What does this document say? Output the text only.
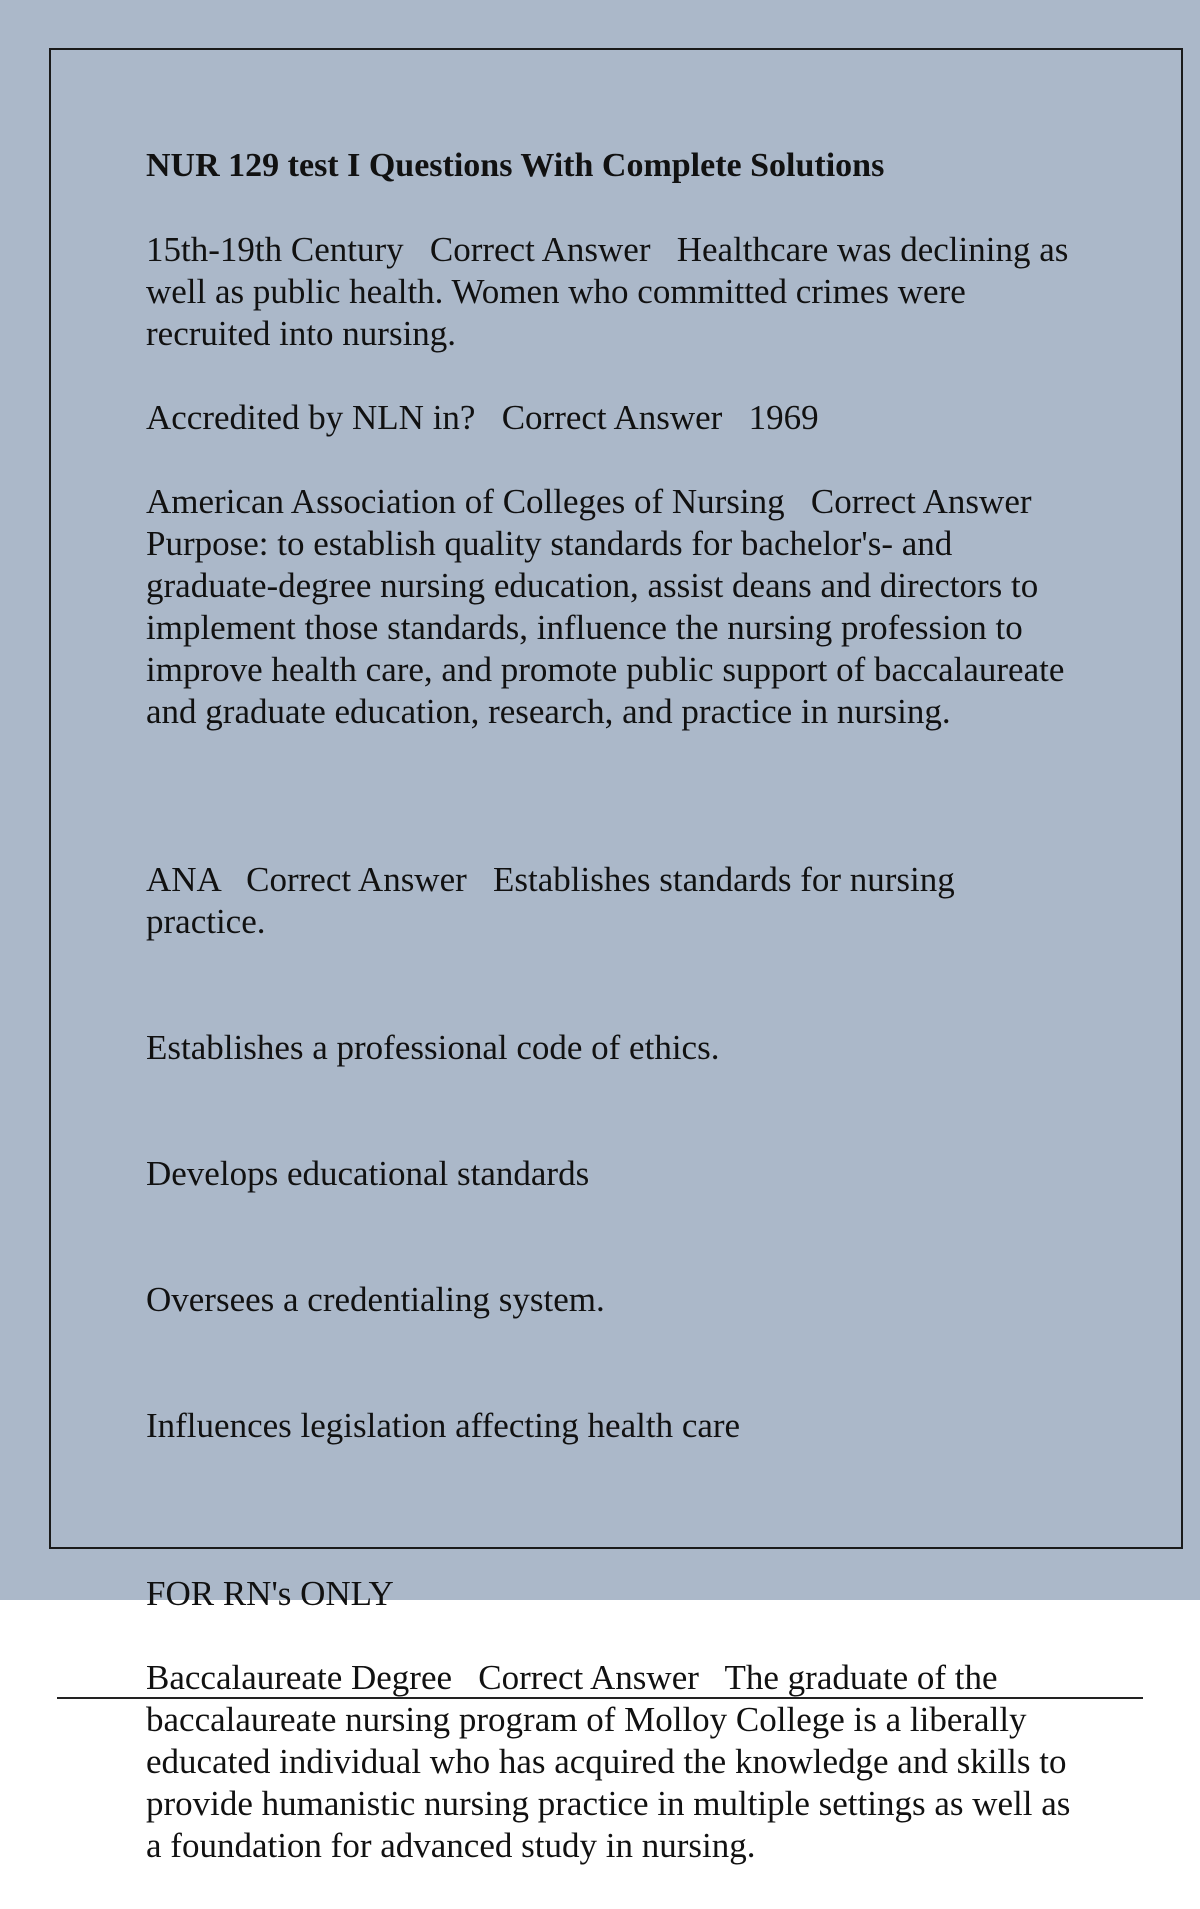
NUR 129 test I Questions With Complete Solutions
15th-19th Century   Correct Answer   Healthcare was declining as well as public health. Women who committed crimes were recruited into nursing.
Accredited by NLN in?   Correct Answer   1969
American Association of Colleges of Nursing   Correct Answer   Purpose: to establish quality standards for bachelor's- and graduate-degree nursing education, assist deans and directors to implement those standards, influence the nursing profession to improve health care, and promote public support of baccalaureate and graduate education, research, and practice in nursing.

ANA   Correct Answer   Establishes standards for nursing practice.

Establishes a professional code of ethics.

Develops educational standards

Oversees a credentialing system.

Influences legislation affecting health care

FOR RN's ONLY
Baccalaureate Degree   Correct Answer   The graduate of the baccalaureate nursing program of Molloy College is a liberally educated individual who has acquired the knowledge and skills to provide humanistic nursing practice in multiple settings as well as a foundation for advanced study in nursing.
